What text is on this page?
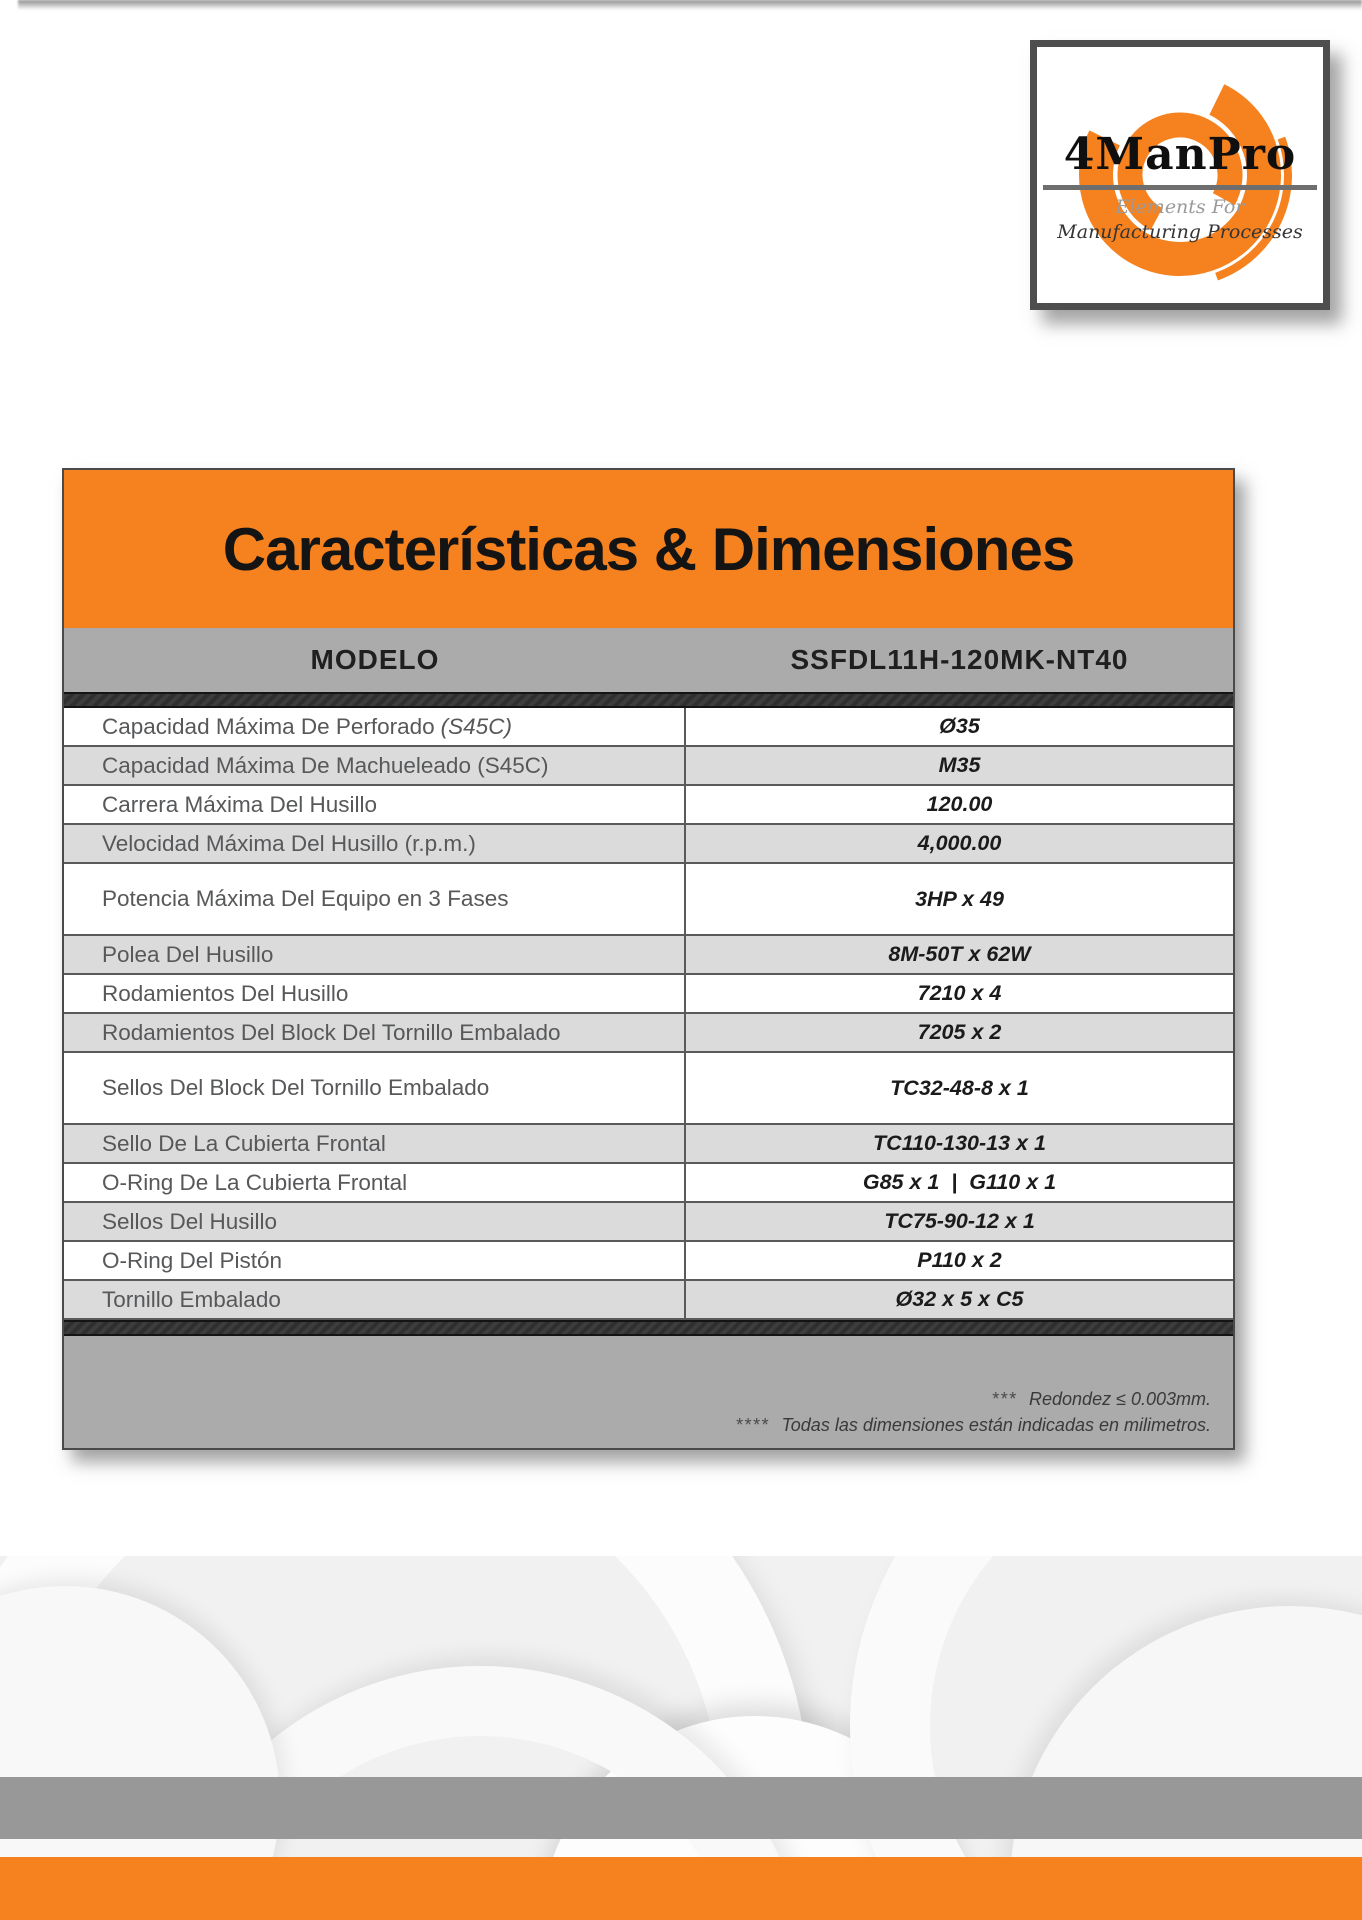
4ManPro
Elements For
Manufacturing Processes
Características & Dimensiones
MODELO	SSFDL11H-120MK-NT40
Capacidad Máxima De Perforado (S45C)	Ø35
Capacidad Máxima De Machueleado (S45C)	M35
Carrera Máxima Del Husillo	120.00
Velocidad Máxima Del Husillo (r.p.m.)	4,000.00
Potencia Máxima Del Equipo en 3 Fases	3HP x 49
Polea Del Husillo	8M-50T x 62W
Rodamientos Del Husillo	7210 x 4
Rodamientos Del Block Del Tornillo Embalado	7205 x 2
Sellos Del Block Del Tornillo Embalado	TC32-48-8 x 1
Sello De La Cubierta Frontal	TC110-130-13 x 1
O-Ring De La Cubierta Frontal	G85 x 1  |  G110 x 1
Sellos Del Husillo	TC75-90-12 x 1
O-Ring Del Pistón	P110 x 2
Tornillo Embalado	Ø32 x 5 x C5
*** Redondez ≤ 0.003mm.
**** Todas las dimensiones están indicadas en milimetros.
